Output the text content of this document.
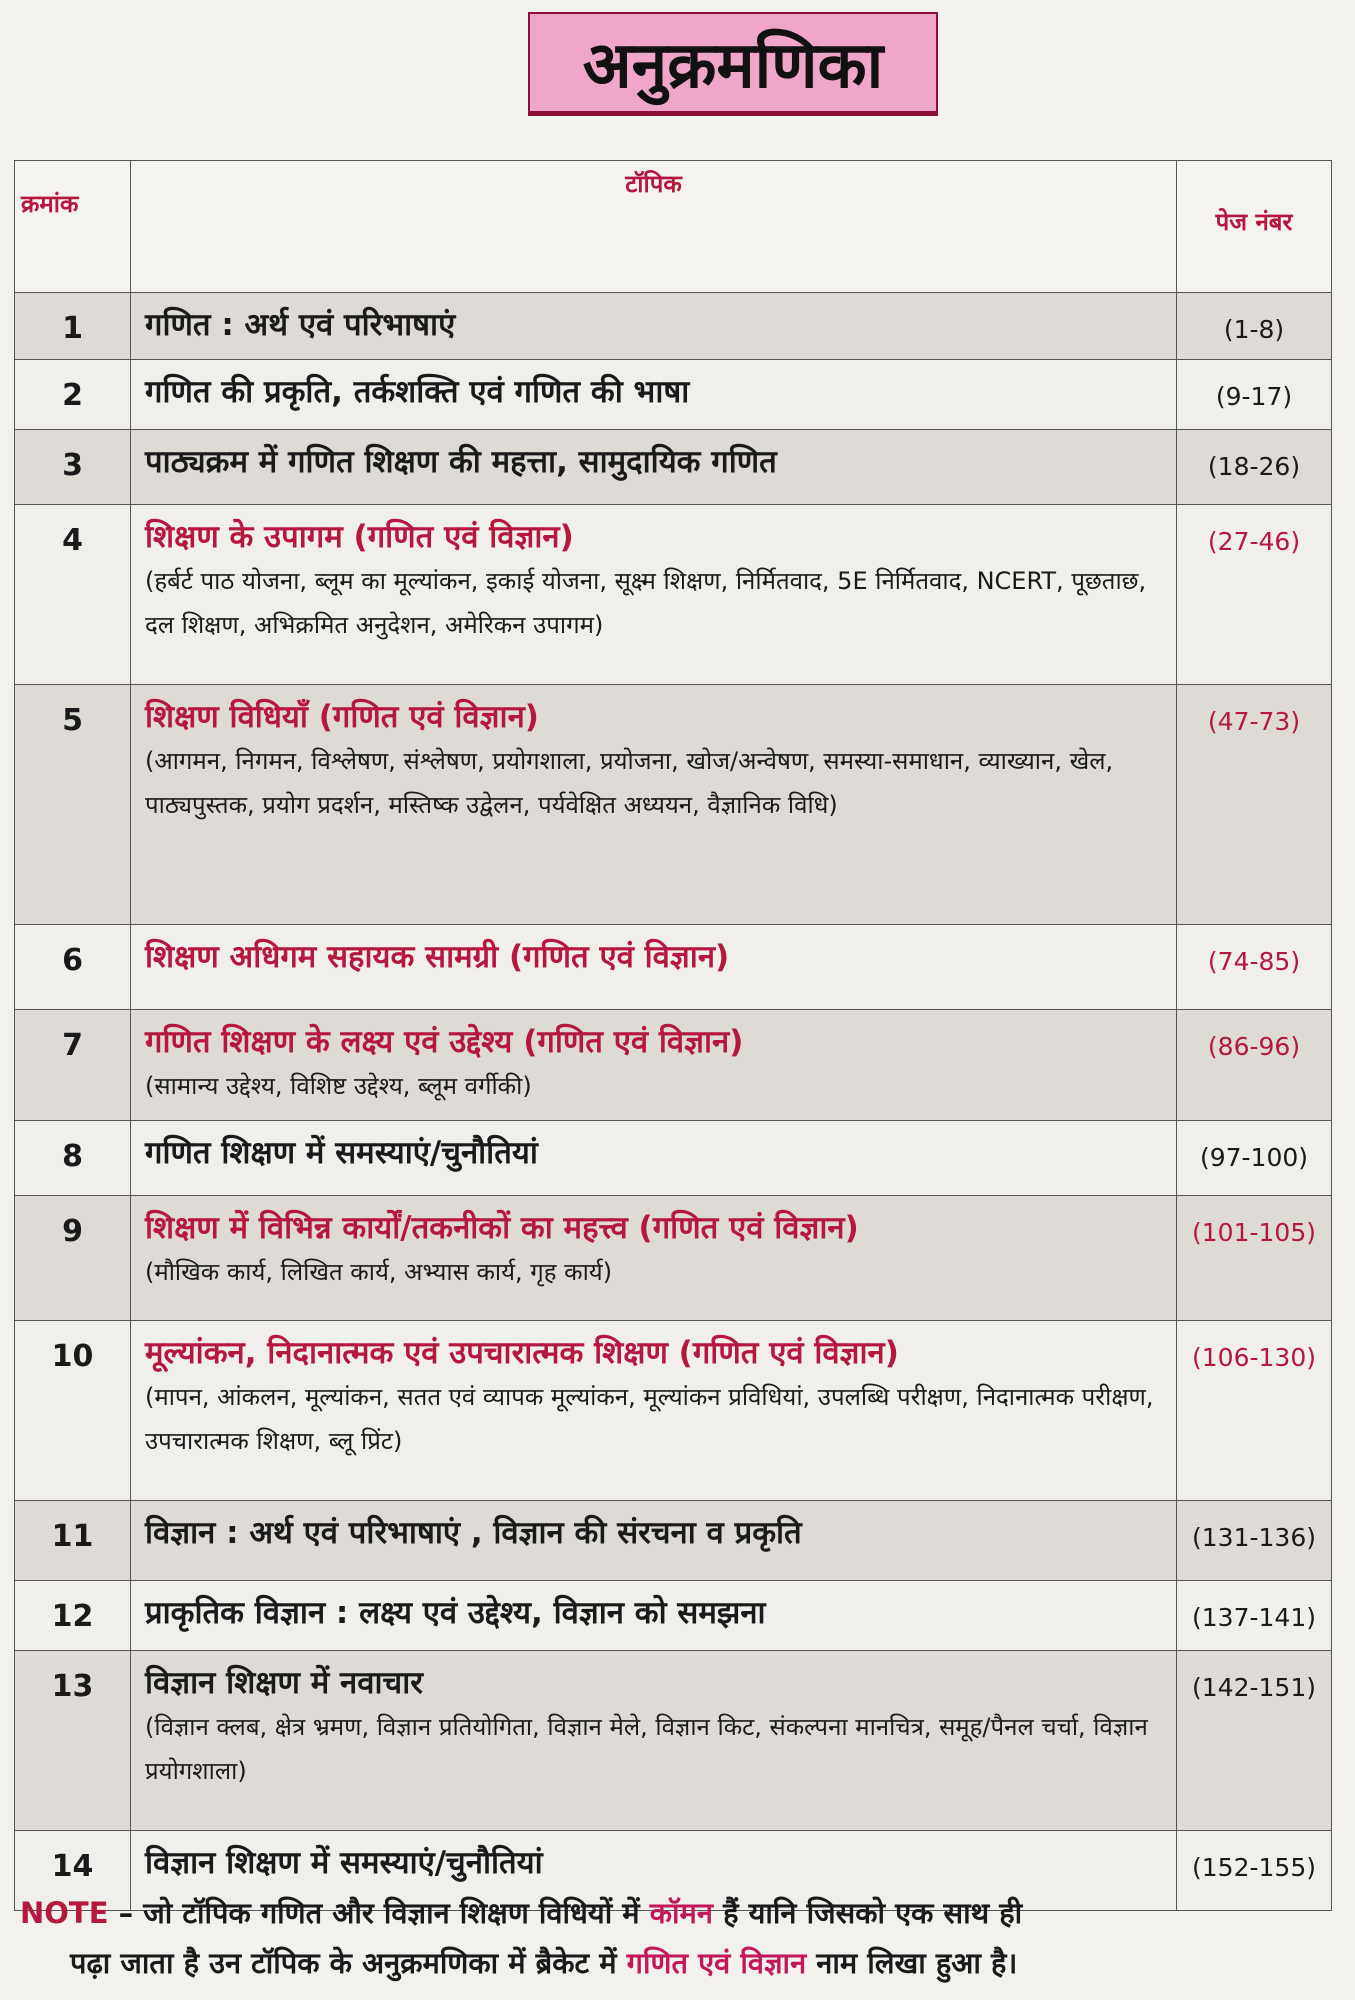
अनुक्रमणिका
क्रमांक	टॉपिक	पेज नंबर
1	गणित : अर्थ एवं परिभाषाएं	(1-8)
2	गणित की प्रकृति, तर्कशक्ति एवं गणित की भाषा	(9-17)
3	पाठ्यक्रम में गणित शिक्षण की महत्ता, सामुदायिक गणित	(18-26)
4	शिक्षण के उपागम (गणित एवं विज्ञान)
(हर्बर्ट पाठ योजना, ब्लूम का मूल्यांकन, इकाई योजना, सूक्ष्म शिक्षण, निर्मितवाद, 5E निर्मितवाद, NCERT, पूछताछ, दल शिक्षण, अभिक्रमित अनुदेशन, अमेरिकन उपागम)	(27-46)
5	शिक्षण विधियाँ (गणित एवं विज्ञान)
(आगमन, निगमन, विश्लेषण, संश्लेषण, प्रयोगशाला, प्रयोजना, खोज/अन्वेषण, समस्या-समाधान, व्याख्यान, खेल, पाठ्यपुस्तक, प्रयोग प्रदर्शन, मस्तिष्क उद्वेलन, पर्यवेक्षित अध्ययन, वैज्ञानिक विधि)	(47-73)
6	शिक्षण अधिगम सहायक सामग्री (गणित एवं विज्ञान)	(74-85)
7	गणित शिक्षण के लक्ष्य एवं उद्देश्य (गणित एवं विज्ञान)
(सामान्य उद्देश्य, विशिष्ट उद्देश्य, ब्लूम वर्गीकी)	(86-96)
8	गणित शिक्षण में समस्याएं/चुनौतियां	(97-100)
9	शिक्षण में विभिन्न कार्यों/तकनीकों का महत्त्व (गणित एवं विज्ञान)
(मौखिक कार्य, लिखित कार्य, अभ्यास कार्य, गृह कार्य)	(101-105)
10	मूल्यांकन, निदानात्मक एवं उपचारात्मक शिक्षण (गणित एवं विज्ञान)
(मापन, आंकलन, मूल्यांकन, सतत एवं व्यापक मूल्यांकन, मूल्यांकन प्रविधियां, उपलब्धि परीक्षण, निदानात्मक परीक्षण, उपचारात्मक शिक्षण, ब्लू प्रिंट)	(106-130)
11	विज्ञान : अर्थ एवं परिभाषाएं , विज्ञान की संरचना व प्रकृति	(131-136)
12	प्राकृतिक विज्ञान : लक्ष्य एवं उद्देश्य, विज्ञान को समझना	(137-141)
13	विज्ञान शिक्षण में नवाचार
(विज्ञान क्लब, क्षेत्र भ्रमण, विज्ञान प्रतियोगिता, विज्ञान मेले, विज्ञान किट, संकल्पना मानचित्र, समूह/पैनल चर्चा, विज्ञान प्रयोगशाला)	(142-151)
14	विज्ञान शिक्षण में समस्याएं/चुनौतियां	(152-155)
NOTE – जो टॉपिक गणित और विज्ञान शिक्षण विधियों में कॉमन हैं यानि जिसको एक साथ ही
पढ़ा जाता है उन टॉपिक के अनुक्रमणिका में ब्रैकेट में गणित एवं विज्ञान नाम लिखा हुआ है।
